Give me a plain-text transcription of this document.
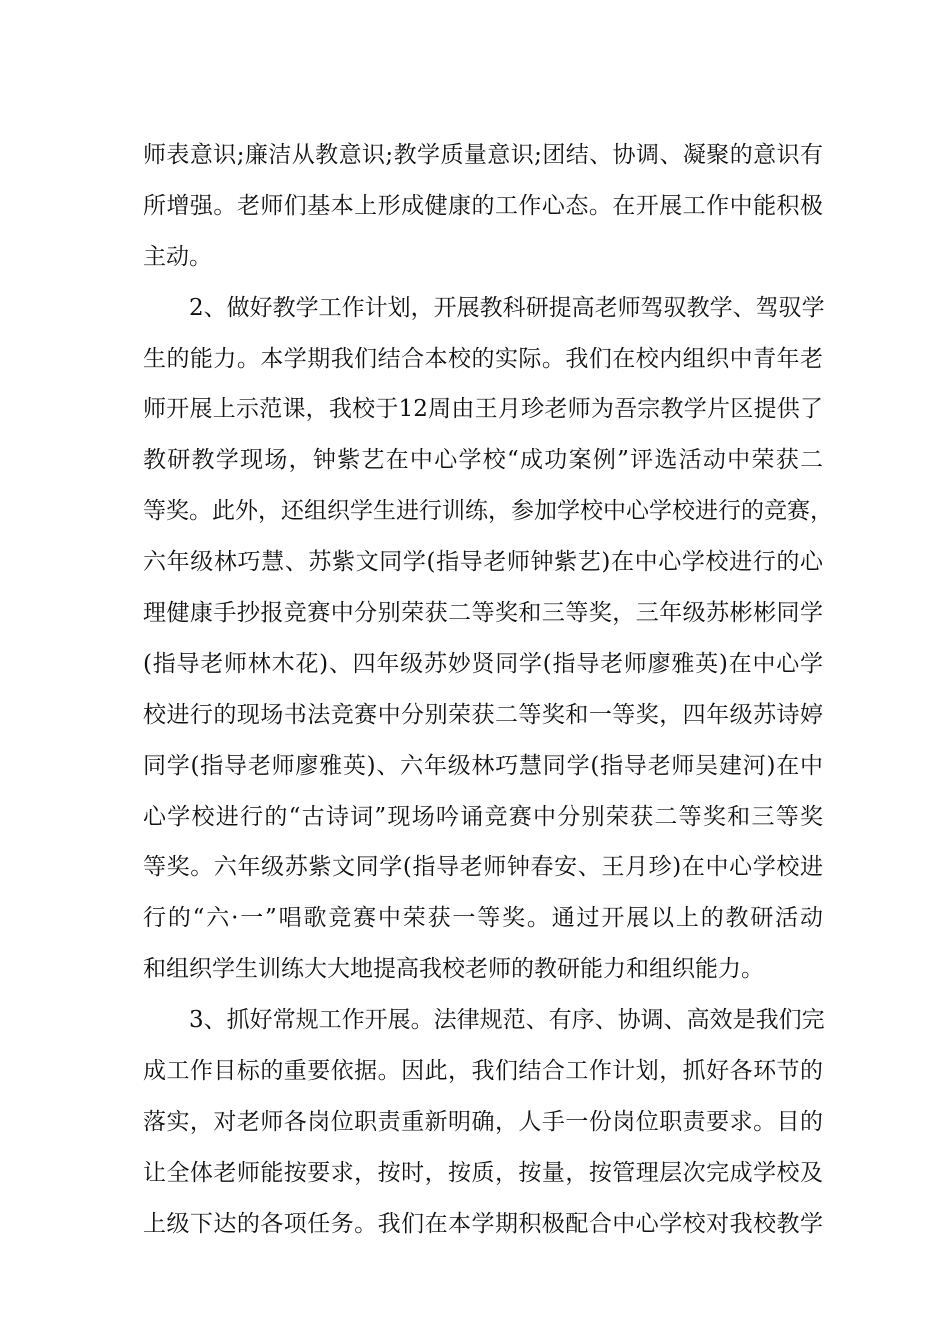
师表意识;廉洁从教意识;教学质量意识;团结、协调、凝聚的意识有
所增强。老师们基本上形成健康的工作心态。在开展工作中能积极
主动。
2、做好教学工作计划，开展教科研提高老师驾驭教学、驾驭学
生的能力。本学期我们结合本校的实际。我们在校内组织中青年老
师开展上示范课，我校于12周由王月珍老师为吾宗教学片区提供了
教研教学现场，钟紫艺在中心学校“成功案例”评选活动中荣获二
等奖。此外，还组织学生进行训练，参加学校中心学校进行的竞赛，
六年级林巧慧、苏紫文同学(指导老师钟紫艺)在中心学校进行的心
理健康手抄报竞赛中分别荣获二等奖和三等奖，三年级苏彬彬同学
(指导老师林木花)、四年级苏妙贤同学(指导老师廖雅英)在中心学
校进行的现场书法竞赛中分别荣获二等奖和一等奖，四年级苏诗婷
同学(指导老师廖雅英)、六年级林巧慧同学(指导老师吴建河)在中
心学校进行的“古诗词”现场吟诵竞赛中分别荣获二等奖和三等奖
等奖。六年级苏紫文同学(指导老师钟春安、王月珍)在中心学校进
行的“六·一”唱歌竞赛中荣获一等奖。通过开展以上的教研活动
和组织学生训练大大地提高我校老师的教研能力和组织能力。
3、抓好常规工作开展。法律规范、有序、协调、高效是我们完
成工作目标的重要依据。因此，我们结合工作计划，抓好各环节的
落实，对老师各岗位职责重新明确，人手一份岗位职责要求。目的
让全体老师能按要求，按时，按质，按量，按管理层次完成学校及
上级下达的各项任务。我们在本学期积极配合中心学校对我校教学
